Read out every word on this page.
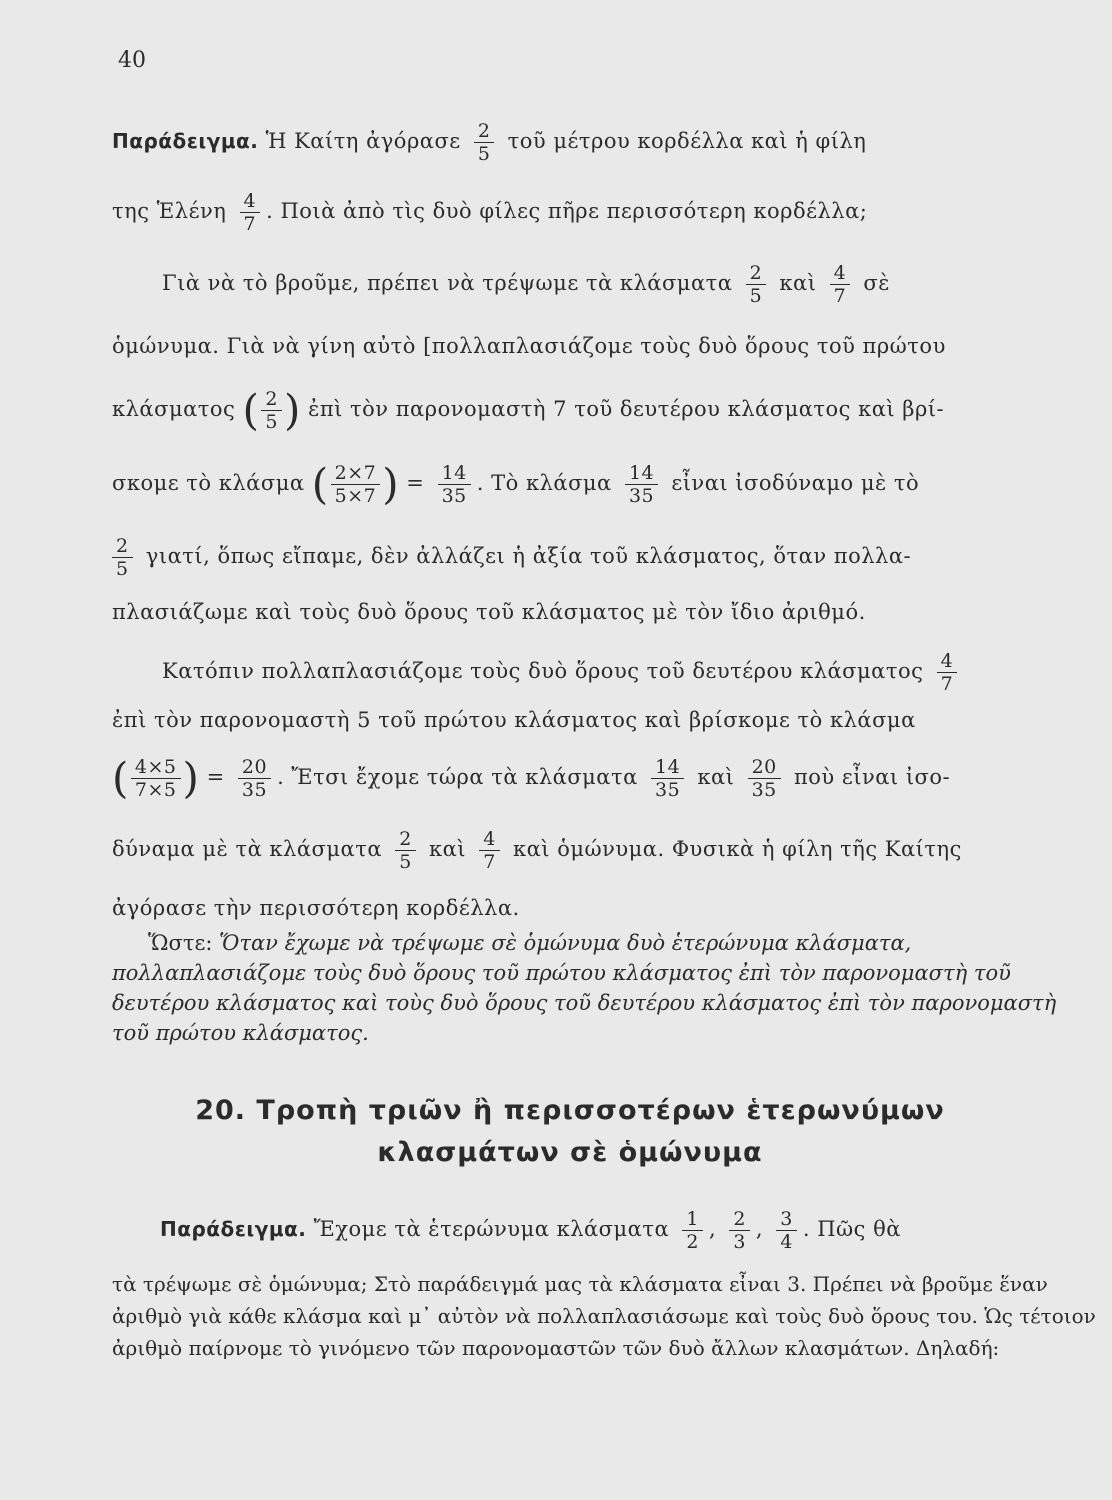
40
Παράδειγμα. Ἡ Καίτη ἀγόρασε $\frac{2}{5}$ τοῦ μέτρου κορδέλλα καὶ ἡ φίλη
της Ἑλένη $\frac{4}{7}$ . Ποιὰ ἀπὸ τὶς δυὸ φίλες πῆρε περισσότερη κορδέλλα;
Γιὰ νὰ τὸ βροῦμε, πρέπει νὰ τρέψωμε τὰ κλάσματα $\frac{2}{5}$ καὶ $\frac{4}{7}$ σὲ
ὁμώνυμα. Γιὰ νὰ γίνη αὐτὸ [πολλαπλασιάζομε τοὺς δυὸ ὅρους τοῦ πρώτου
κλάσματος ( $\frac{2}{5}$ ) ἐπὶ τὸν παρονομαστὴ 7 τοῦ δευτέρου κλάσματος καὶ βρί-
σκομε τὸ κλάσμα ( $\frac{2\times 7}{5\times 7}$ ) = $\frac{14}{35}$ . Τὸ κλάσμα $\frac{14}{35}$ εἶναι ἰσοδύναμο μὲ τὸ
$\frac{2}{5} \gamma\iota\alpha\tau ί$, ὅπως εἴπαμε, δὲν ἀλλάζει ἡ ἀξία τοῦ κλάσματος, ὅταν πολλα-
πλασιάζωμε καὶ τοὺς δυὸ ὅρους τοῦ κλάσματος μὲ τὸν ἴδιο ἀριθμό.
Κατόπιν πολλαπλασιάζομε τοὺς δυὸ ὅρους τοῦ δευτέρου κλάσματος $\frac{4}{7}$
ἐπὶ τὸν παρονομαστὴ 5 τοῦ πρώτου κλάσματος καὶ βρίσκομε τὸ κλάσμα
( $\frac{4\times 5}{7\times 5}$ ) = $\frac{20}{35}$ . Ἔτσι ἔχομε τώρα τὰ κλάσματα $\frac{14}{35}$ καὶ $\frac{20}{35}$ ποὺ εἶναι ἰσο-
δύναμα μὲ τὰ κλάσματα $\frac{2}{5}$ καὶ $\frac{4}{7}$ καὶ ὁμώνυμα. Φυσικὰ ἡ φίλη τῆς Καίτης
ἀγόρασε τὴν περισσότερη κορδέλλα.
Ὥστε: Ὅταν ἔχωμε νὰ τρέψωμε σὲ ὁμώνυμα δυὸ ἑτερώνυμα κλάσματα, πολλαπλασιάζομε τοὺς δυὸ ὅρους τοῦ πρώτου κλάσματος ἐπὶ τὸν παρονομαστὴ τοῦ δευτέρου κλάσματος καὶ τοὺς δυὸ ὅρους τοῦ δευτέρου κλάσματος ἐπὶ τὸν παρονομαστὴ τοῦ πρώτου κλάσματος.
20. Τροπὴ τριῶν ἢ περισσοτέρων ἑτερωνύμων
κλασμάτων σὲ ὁμώνυμα
Παράδειγμα. Ἔχομε τὰ ἑτερώνυμα κλάσματα $\frac{1}{2}$ , $\frac{2}{3}$ , $\frac{3}{4}$ . Πῶς θὰ
τὰ τρέψωμε σὲ ὁμώνυμα; Στὸ παράδειγμά μας τὰ κλάσματα εἶναι 3. Πρέπει νὰ βροῦμε ἕναν ἀριθμὸ γιὰ κάθε κλάσμα καὶ μ᾿ αὐτὸν νὰ πολλαπλασιάσωμε καὶ τοὺς δυὸ ὅρους του. Ὡς τέτοιον ἀριθμὸ παίρνομε τὸ γινόμενο τῶν παρονομαστῶν τῶν δυὸ ἄλλων κλασμάτων. Δηλαδή:
